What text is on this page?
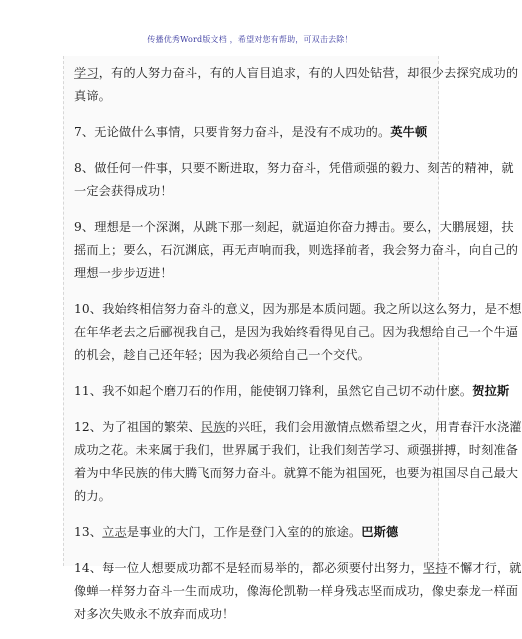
传播优秀Word版文档 ，希望对您有帮助，可双击去除！
学习，有的人努力奋斗，有的人盲目追求，有的人四处钻营，却很少去探究成功的
真谛。
7、无论做什么事情，只要肯努力奋斗，是没有不成功的。英牛顿
8、做任何一件事，只要不断进取，努力奋斗，凭借顽强的毅力、刻苦的精神，就
一定会获得成功！
9、理想是一个深渊，从跳下那一刻起，就逼迫你奋力搏击。要么，大鹏展翅，扶
摇而上；要么，石沉渊底，再无声响而我，则选择前者，我会努力奋斗，向自己的
理想一步步迈进！
10、我始终相信努力奋斗的意义，因为那是本质问题。我之所以这么努力，是不想
在年华老去之后郦视我自己，是因为我始终看得见自己。因为我想给自己一个牛逼
的机会，趁自己还年轻；因为我必须给自己一个交代。
11、我不如起个磨刀石的作用，能使钢刀锋利，虽然它自己切不动什麽。贺拉斯
12、为了祖国的繁荣、民族的兴旺，我们会用激情点燃希望之火，用青春汗水浇灌
成功之花。未来属于我们，世界属于我们，让我们刻苦学习、顽强拼搏，时刻准备
着为中华民族的伟大腾飞而努力奋斗。就算不能为祖国死，也要为祖国尽自己最大
的力。
13、立志是事业的大门，工作是登门入室的的旅途。巴斯德
14、每一位人想要成功都不是轻而易举的，都必须要付出努力，坚持不懈才行，就
像蝉一样努力奋斗一生而成功，像海伦凯勒一样身残志坚而成功，像史泰龙一样面
对多次失败永不放弃而成功！
